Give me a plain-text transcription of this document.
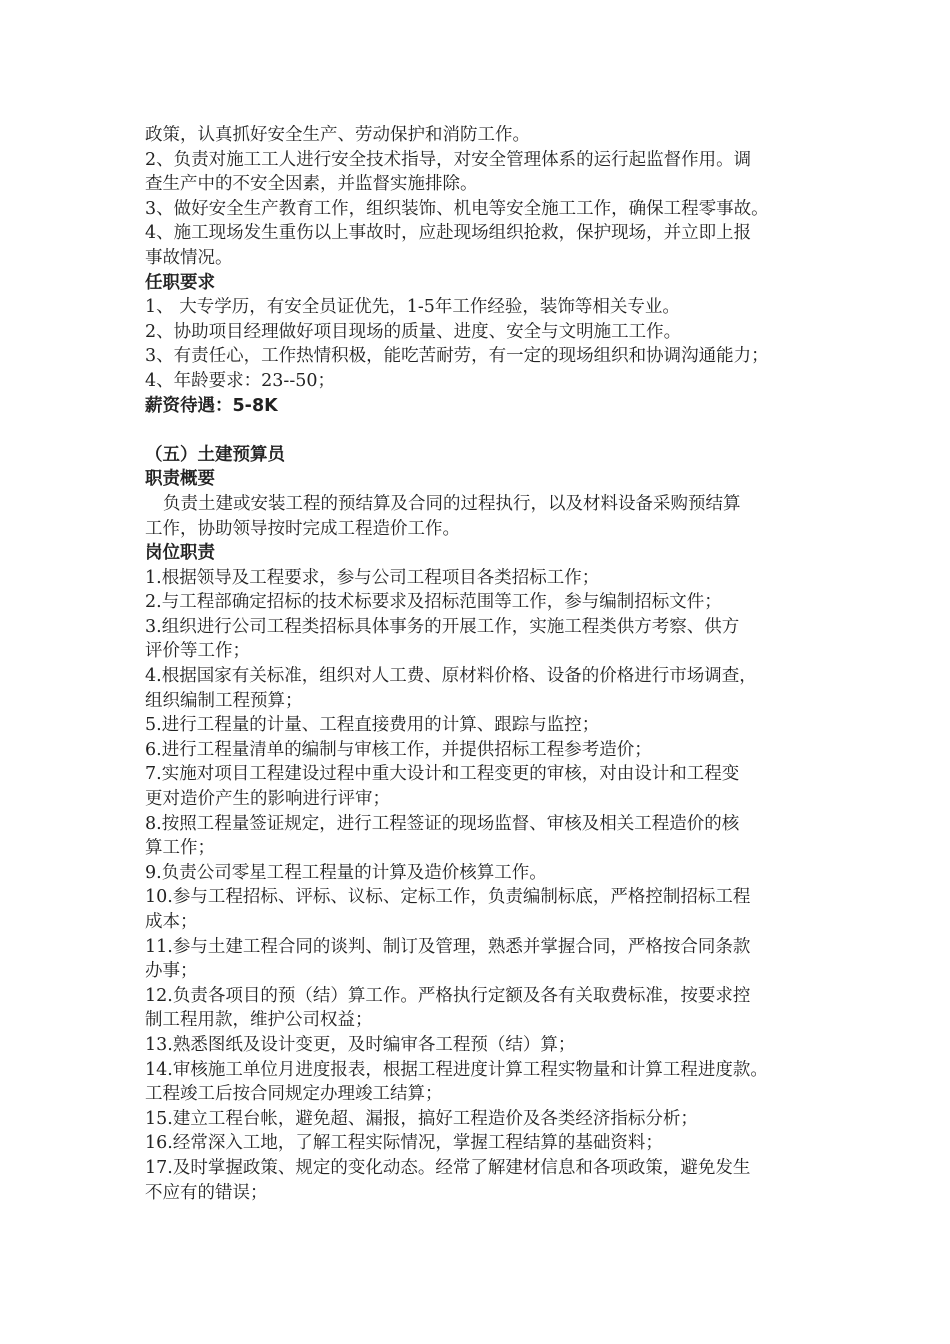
政策，认真抓好安全生产、劳动保护和消防工作。
2、负责对施工工人进行安全技术指导，对安全管理体系的运行起监督作用。调
查生产中的不安全因素，并监督实施排除。
3、做好安全生产教育工作，组织装饰、机电等安全施工工作，确保工程零事故。
4、施工现场发生重伤以上事故时，应赴现场组织抢救，保护现场，并立即上报
事故情况。
任职要求
1、 大专学历，有安全员证优先，1-5年工作经验，装饰等相关专业。
2、协助项目经理做好项目现场的质量、进度、安全与文明施工工作。
3、有责任心，工作热情积极，能吃苦耐劳，有一定的现场组织和协调沟通能力；
4、年龄要求：23--50；
薪资待遇：5-8K
（五）土建预算员
职责概要
负责土建或安装工程的预结算及合同的过程执行，以及材料设备采购预结算
工作，协助领导按时完成工程造价工作。
岗位职责
1.根据领导及工程要求，参与公司工程项目各类招标工作；
2.与工程部确定招标的技术标要求及招标范围等工作，参与编制招标文件；
3.组织进行公司工程类招标具体事务的开展工作，实施工程类供方考察、供方
评价等工作；
4.根据国家有关标准，组织对人工费、原材料价格、设备的价格进行市场调查，
组织编制工程预算；
5.进行工程量的计量、工程直接费用的计算、跟踪与监控；
6.进行工程量清单的编制与审核工作，并提供招标工程参考造价；
7.实施对项目工程建设过程中重大设计和工程变更的审核，对由设计和工程变
更对造价产生的影响进行评审；
8.按照工程量签证规定，进行工程签证的现场监督、审核及相关工程造价的核
算工作；
9.负责公司零星工程工程量的计算及造价核算工作。
10.参与工程招标、评标、议标、定标工作，负责编制标底，严格控制招标工程
成本；
11.参与土建工程合同的谈判、制订及管理，熟悉并掌握合同，严格按合同条款
办事；
12.负责各项目的预（结）算工作。严格执行定额及各有关取费标准，按要求控
制工程用款，维护公司权益；
13.熟悉图纸及设计变更，及时编审各工程预（结）算；
14.审核施工单位月进度报表，根据工程进度计算工程实物量和计算工程进度款。
工程竣工后按合同规定办理竣工结算；
15.建立工程台帐，避免超、漏报，搞好工程造价及各类经济指标分析；
16.经常深入工地，了解工程实际情况，掌握工程结算的基础资料；
17.及时掌握政策、规定的变化动态。经常了解建材信息和各项政策，避免发生
不应有的错误；
